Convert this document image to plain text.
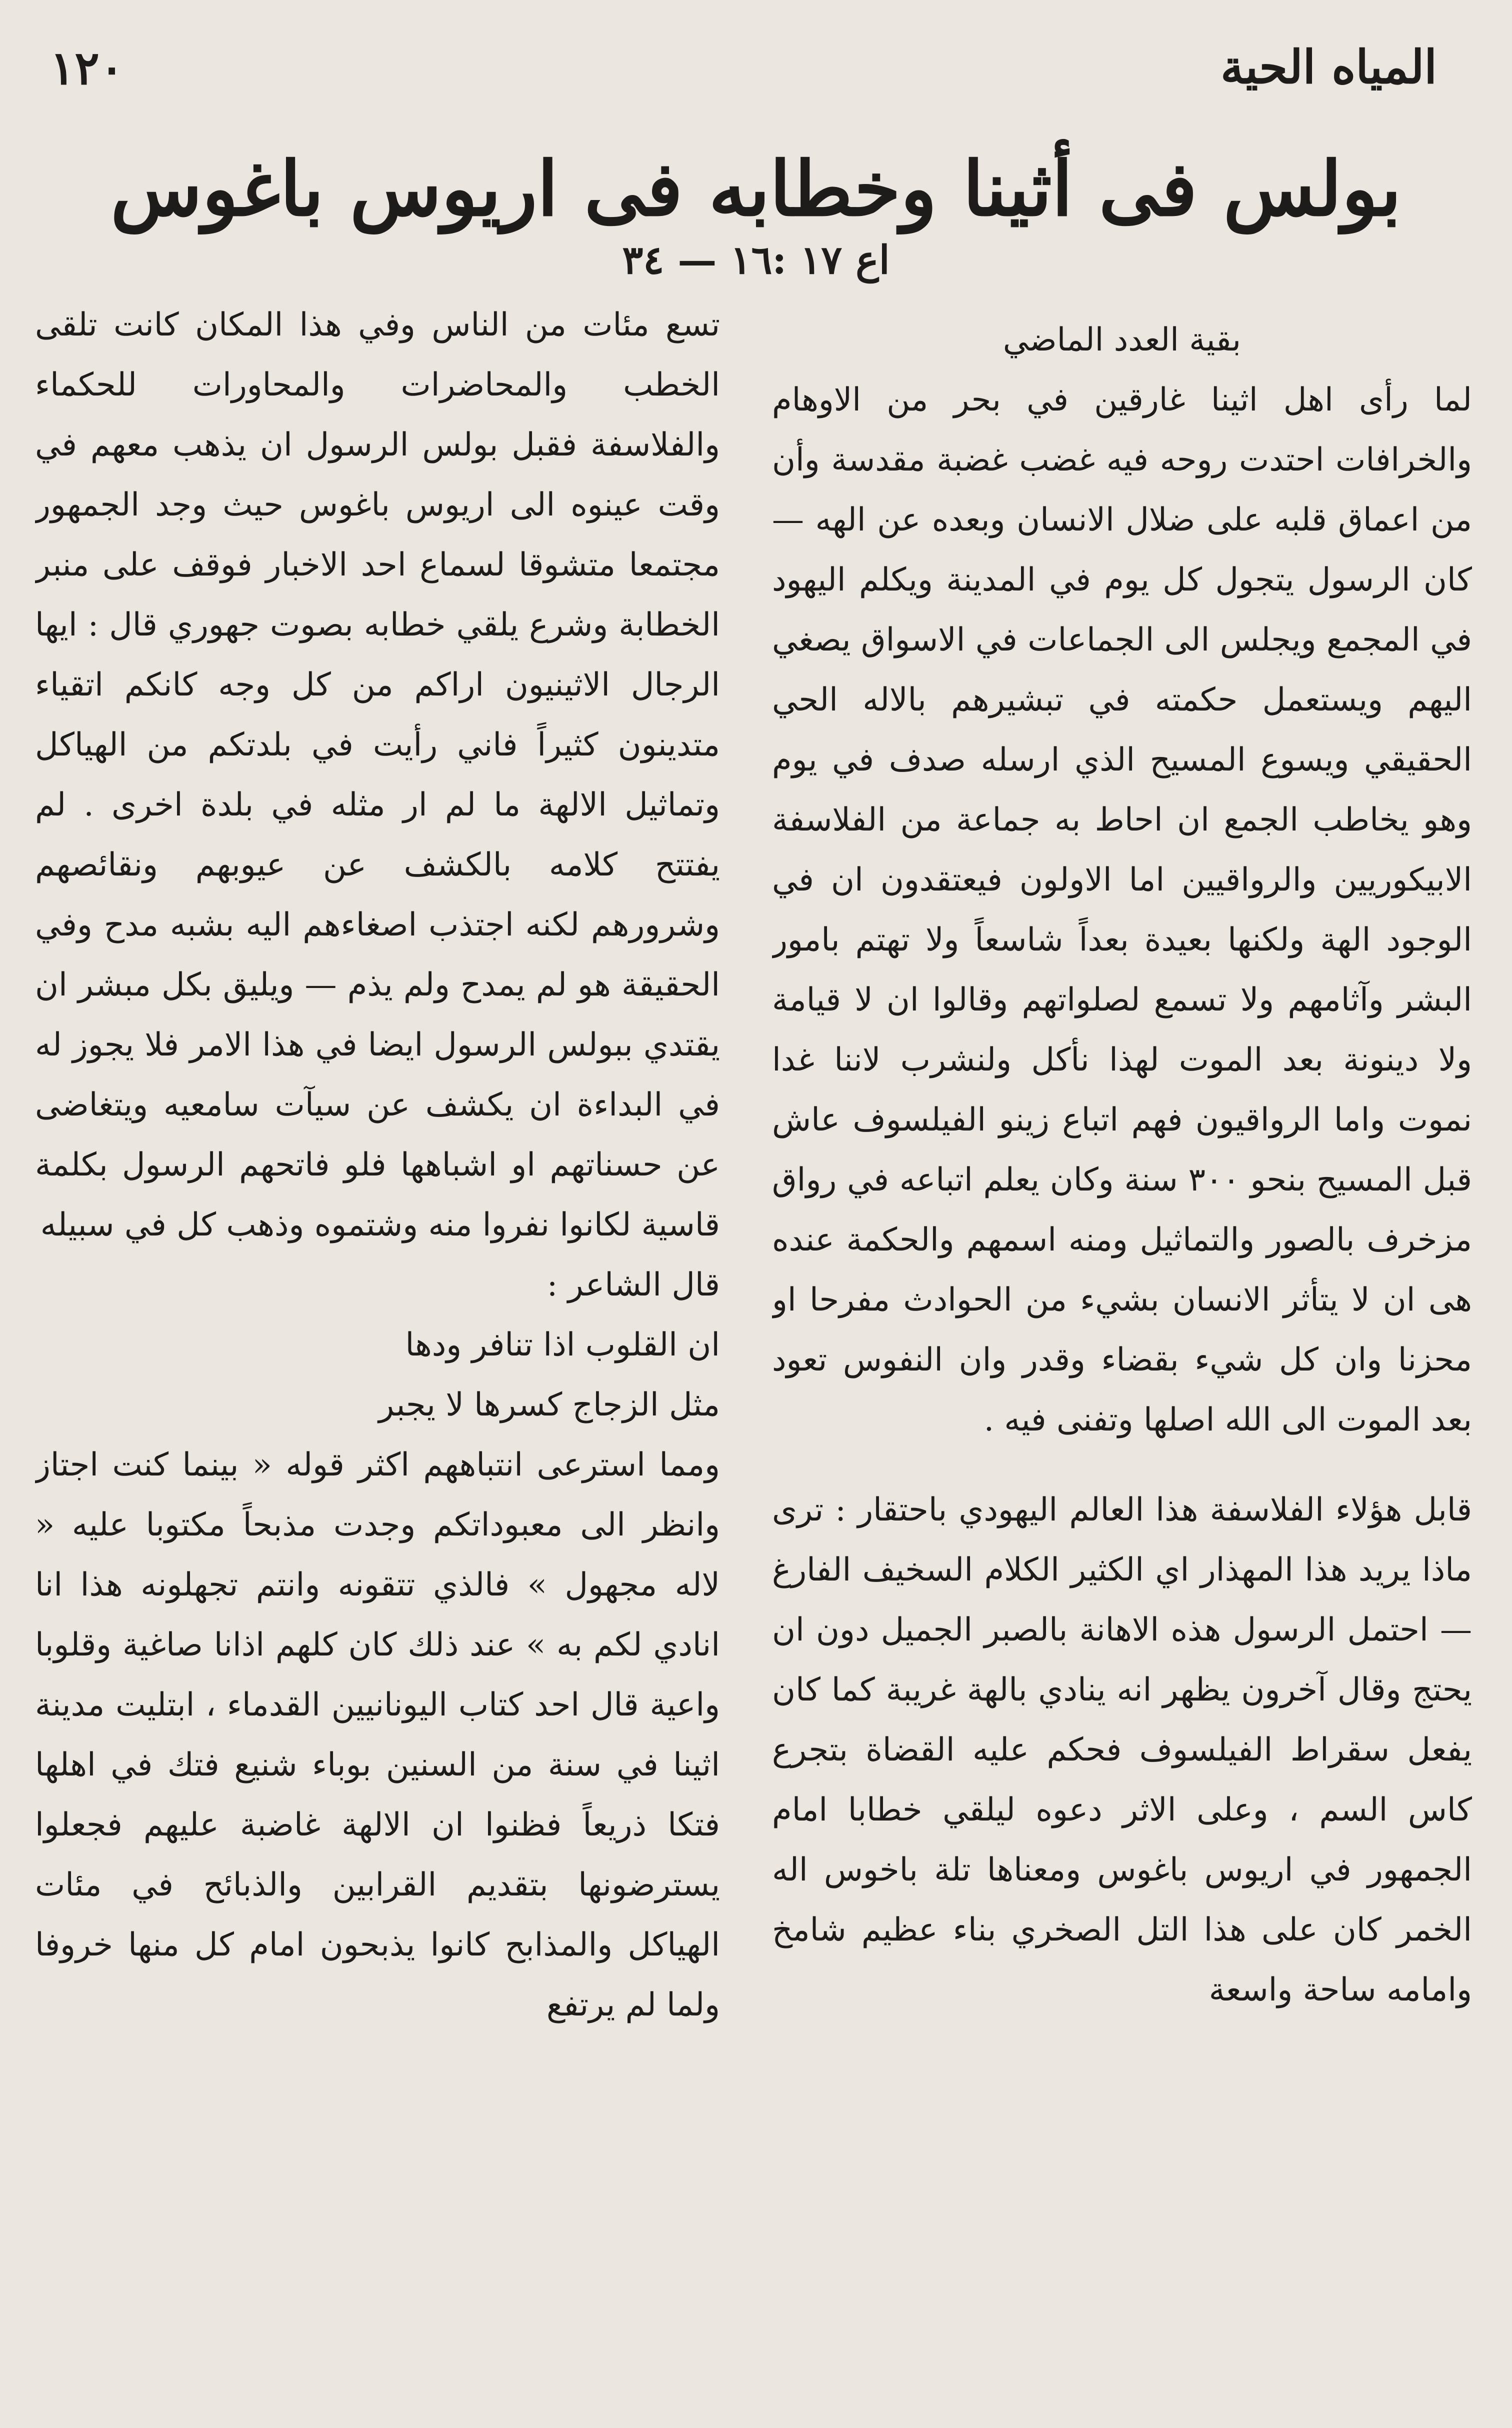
المياه الحية
١٢٠
بولس فى أثينا وخطابه فى اريوس باغوس
اع ١٧ :١٦ — ٣٤

بقية العدد الماضي

لما رأى اهل اثينا غارقين في بحر من الاوهام والخرافات احتدت روحه فيه غضب غضبة مقدسة وأن من اعماق قلبه على ضلال الانسان وبعده عن الهه — كان الرسول يتجول كل يوم في المدينة ويكلم اليهود في المجمع ويجلس الى الجماعات في الاسواق يصغي اليهم ويستعمل حكمته في تبشيرهم بالاله الحي الحقيقي ويسوع المسيح الذي ارسله صدف في يوم وهو يخاطب الجمع ان احاط به جماعة من الفلاسفة الابيكوريين والرواقيين اما الاولون فيعتقدون ان في الوجود الهة ولكنها بعيدة بعداً شاسعاً ولا تهتم بامور البشر وآثامهم ولا تسمع لصلواتهم وقالوا ان لا قيامة ولا دينونة بعد الموت لهذا نأكل ولنشرب لاننا غدا نموت واما الرواقيون فهم اتباع زينو الفيلسوف عاش قبل المسيح بنحو ٣٠٠ سنة وكان يعلم اتباعه في رواق مزخرف بالصور والتماثيل ومنه اسمهم والحكمة عنده هى ان لا يتأثر الانسان بشيء من الحوادث مفرحا او محزنا وان كل شيء بقضاء وقدر وان النفوس تعود بعد الموت الى الله اصلها وتفنى فيه .

قابل هؤلاء الفلاسفة هذا العالم اليهودي باحتقار : ترى ماذا يريد هذا المهذار اي الكثير الكلام السخيف الفارغ — احتمل الرسول هذه الاهانة بالصبر الجميل دون ان يحتج وقال آخرون يظهر انه ينادي بالهة غريبة كما كان يفعل سقراط الفيلسوف فحكم عليه القضاة بتجرع كاس السم ، وعلى الاثر دعوه ليلقي خطابا امام الجمهور في اريوس باغوس ومعناها تلة باخوس اله الخمر كان على هذا التل الصخري بناء عظيم شامخ وامامه ساحة واسعة

تسع مئات من الناس وفي هذا المكان كانت تلقى الخطب والمحاضرات والمحاورات للحكماء والفلاسفة فقبل بولس الرسول ان يذهب معهم في وقت عينوه الى اريوس باغوس حيث وجد الجمهور مجتمعا متشوقا لسماع احد الاخبار فوقف على منبر الخطابة وشرع يلقي خطابه بصوت جهوري قال : ايها الرجال الاثينيون اراكم من كل وجه كانكم اتقياء متدينون كثيراً فاني رأيت في بلدتكم من الهياكل وتماثيل الالهة ما لم ار مثله في بلدة اخرى . لم يفتتح كلامه بالكشف عن عيوبهم ونقائصهم وشرورهم لكنه اجتذب اصغاءهم اليه بشبه مدح وفي الحقيقة هو لم يمدح ولم يذم — ويليق بكل مبشر ان يقتدي ببولس الرسول ايضا في هذا الامر فلا يجوز له في البداءة ان يكشف عن سيآت سامعيه ويتغاضى عن حسناتهم او اشباهها فلو فاتحهم الرسول بكلمة قاسية لكانوا نفروا منه وشتموه وذهب كل في سبيله

قال الشاعر :

ان القلوب اذا تنافر ودها

مثل الزجاج كسرها لا يجبر

ومما استرعى انتباههم اكثر قوله « بينما كنت اجتاز وانظر الى معبوداتكم وجدت مذبحاً مكتوبا عليه « لاله مجهول » فالذي تتقونه وانتم تجهلونه هذا انا انادي لكم به » عند ذلك كان كلهم اذانا صاغية وقلوبا واعية قال احد كتاب اليونانيين القدماء ، ابتليت مدينة اثينا في سنة من السنين بوباء شنيع فتك في اهلها فتكا ذريعاً فظنوا ان الالهة غاضبة عليهم فجعلوا يسترضونها بتقديم القرابين والذبائح في مئات الهياكل والمذابح كانوا يذبحون امام كل منها خروفا ولما لم يرتفع
